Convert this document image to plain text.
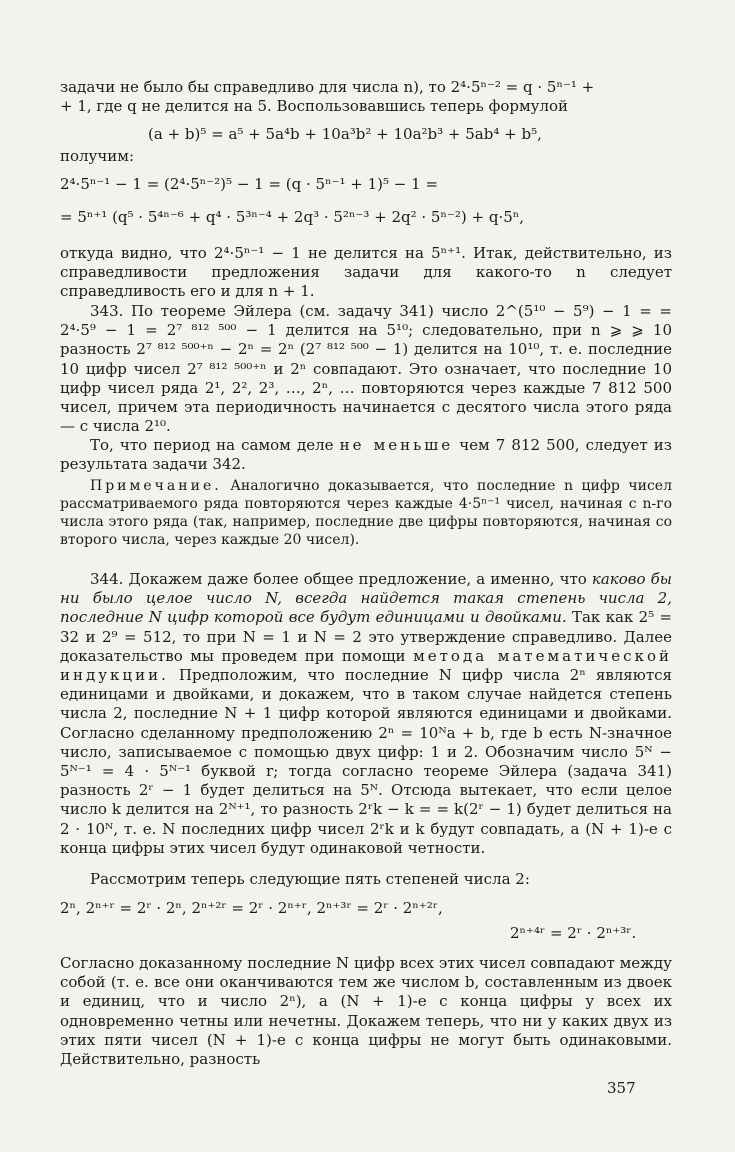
задачи не было бы справедливо для числа n), то 2⁴·5ⁿ⁻² = q · 5ⁿ⁻¹ +
+ 1, где q не делится на 5. Воспользовавшись теперь формулой
(a + b)⁵ = a⁵ + 5a⁴b + 10a³b² + 10a²b³ + 5ab⁴ + b⁵,
получим:
2⁴·5ⁿ⁻¹ − 1 = (2⁴·5ⁿ⁻²)⁵ − 1 = (q · 5ⁿ⁻¹ + 1)⁵ − 1 =
= 5ⁿ⁺¹ (q⁵ · 5⁴ⁿ⁻⁶ + q⁴ · 5³ⁿ⁻⁴ + 2q³ · 5²ⁿ⁻³ + 2q² · 5ⁿ⁻²) + q·5ⁿ,
откуда видно, что 2⁴·5ⁿ⁻¹ − 1 не делится на 5ⁿ⁺¹. Итак, действительно, из справедливости предложения задачи для какого-то n следует справедливость его и для n + 1.
343. По теореме Эйлера (см. задачу 341) число 2^(5¹⁰ − 5⁹) − 1 = = 2⁴·5⁹ − 1 = 2⁷ ⁸¹² ⁵⁰⁰ − 1 делится на 5¹⁰; следовательно, при n ⩾ ⩾ 10 разность 2⁷ ⁸¹² ⁵⁰⁰⁺ⁿ − 2ⁿ = 2ⁿ (2⁷ ⁸¹² ⁵⁰⁰ − 1) делится на 10¹⁰, т. е. последние 10 цифр чисел 2⁷ ⁸¹² ⁵⁰⁰⁺ⁿ и 2ⁿ совпадают. Это означает, что последние 10 цифр чисел ряда 2¹, 2², 2³, …, 2ⁿ, … повторяются через каждые 7 812 500 чисел, причем эта периодичность начинается с десятого числа этого ряда — с числа 2¹⁰.
То, что период на самом деле не меньше чем 7 812 500, следует из результата задачи 342.
Примечание. Аналогично доказывается, что последние n цифр чисел рассматриваемого ряда повторяются через каждые 4·5ⁿ⁻¹ чисел, начиная с n-го числа этого ряда (так, например, последние две цифры повторяются, начиная со второго числа, через каждые 20 чисел).
344. Докажем даже более общее предложение, а именно, что каково бы ни было целое число N, всегда найдется такая степень числа 2, последние N цифр которой все будут единицами и двойками. Так как 2⁵ = 32 и 2⁹ = 512, то при N = 1 и N = 2 это утверждение справедливо. Далее доказательство мы проведем при помощи метода математической индукции. Предположим, что последние N цифр числа 2ⁿ являются единицами и двойками, и докажем, что в таком случае найдется степень числа 2, последние N + 1 цифр которой являются единицами и двойками. Согласно сделанному предположению 2ⁿ = 10ᴺa + b, где b есть N-значное число, записываемое с помощью двух цифр: 1 и 2. Обозначим число 5ᴺ − 5ᴺ⁻¹ = 4 · 5ᴺ⁻¹ буквой r; тогда согласно теореме Эйлера (задача 341) разность 2ʳ − 1 будет делиться на 5ᴺ. Отсюда вытекает, что если целое число k делится на 2ᴺ⁺¹, то разность 2ʳk − k = = k(2ʳ − 1) будет делиться на 2 · 10ᴺ, т. е. N последних цифр чисел 2ʳk и k будут совпадать, а (N + 1)-е с конца цифры этих чисел будут одинаковой четности.
Рассмотрим теперь следующие пять степеней числа 2:
2ⁿ, 2ⁿ⁺ʳ = 2ʳ · 2ⁿ, 2ⁿ⁺²ʳ = 2ʳ · 2ⁿ⁺ʳ, 2ⁿ⁺³ʳ = 2ʳ · 2ⁿ⁺²ʳ,
2ⁿ⁺⁴ʳ = 2ʳ · 2ⁿ⁺³ʳ.
Согласно доказанному последние N цифр всех этих чисел совпадают между собой (т. е. все они оканчиваются тем же числом b, составленным из двоек и единиц, что и число 2ⁿ), а (N + 1)-е с конца цифры у всех их одновременно четны или нечетны. Докажем теперь, что ни у каких двух из этих пяти чисел (N + 1)-е с конца цифры не могут быть одинаковыми. Действительно, разность
357
